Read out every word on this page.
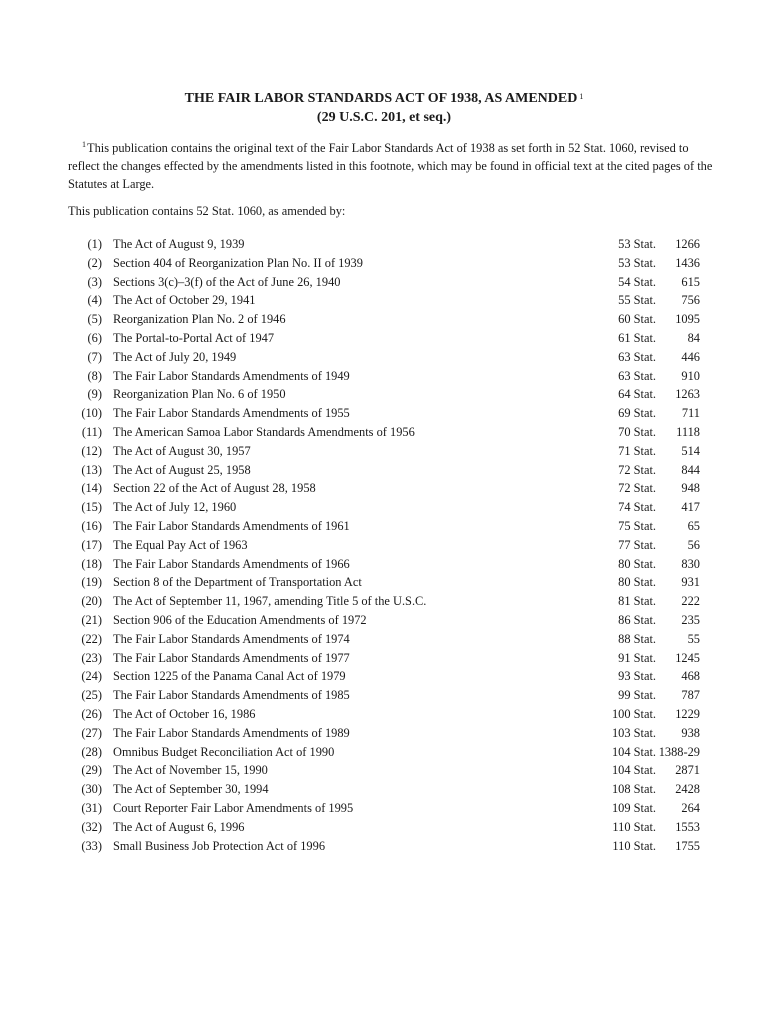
THE FAIR LABOR STANDARDS ACT OF 1938, AS AMENDED $^1$
(29 U.S.C. 201, et seq.)
$^1$This publication contains the original text of the Fair Labor Standards Act of 1938 as set forth in 52 Stat. 1060, revised to reflect the changes effected by the amendments listed in this footnote, which may be found in official text at the cited pages of the Statutes at Large.
This publication contains 52 Stat. 1060, as amended by:
(1) The Act of August 9, 1939	53 Stat.	1266
(2) Section 404 of Reorganization Plan No. II of 1939	53 Stat.	1436
(3) Sections 3(c)–3(f) of the Act of June 26, 1940	54 Stat.	615
(4) The Act of October 29, 1941	55 Stat.	756
(5) Reorganization Plan No. 2 of 1946	60 Stat.	1095
(6) The Portal-to-Portal Act of 1947	61 Stat.	84
(7) The Act of July 20, 1949	63 Stat.	446
(8) The Fair Labor Standards Amendments of 1949	63 Stat.	910
(9) Reorganization Plan No. 6 of 1950	64 Stat.	1263
(10) The Fair Labor Standards Amendments of 1955	69 Stat.	711
(11) The American Samoa Labor Standards Amendments of 1956	70 Stat.	1118
(12) The Act of August 30, 1957	71 Stat.	514
(13) The Act of August 25, 1958	72 Stat.	844
(14) Section 22 of the Act of August 28, 1958	72 Stat.	948
(15) The Act of July 12, 1960	74 Stat.	417
(16) The Fair Labor Standards Amendments of 1961	75 Stat.	65
(17) The Equal Pay Act of 1963	77 Stat.	56
(18) The Fair Labor Standards Amendments of 1966	80 Stat.	830
(19) Section 8 of the Department of Transportation Act	80 Stat.	931
(20) The Act of September 11, 1967, amending Title 5 of the U.S.C.	81 Stat.	222
(21) Section 906 of the Education Amendments of 1972	86 Stat.	235
(22) The Fair Labor Standards Amendments of 1974	88 Stat.	55
(23) The Fair Labor Standards Amendments of 1977	91 Stat.	1245
(24) Section 1225 of the Panama Canal Act of 1979	93 Stat.	468
(25) The Fair Labor Standards Amendments of 1985	99 Stat.	787
(26) The Act of October 16, 1986	100 Stat.	1229
(27) The Fair Labor Standards Amendments of 1989	103 Stat.	938
(28) Omnibus Budget Reconciliation Act of 1990	104 Stat. 1388-29
(29) The Act of November 15, 1990	104 Stat.	2871
(30) The Act of September 30, 1994	108 Stat.	2428
(31) Court Reporter Fair Labor Amendments of 1995	109 Stat.	264
(32) The Act of August 6, 1996	110 Stat.	1553
(33) Small Business Job Protection Act of 1996	110 Stat.	1755
